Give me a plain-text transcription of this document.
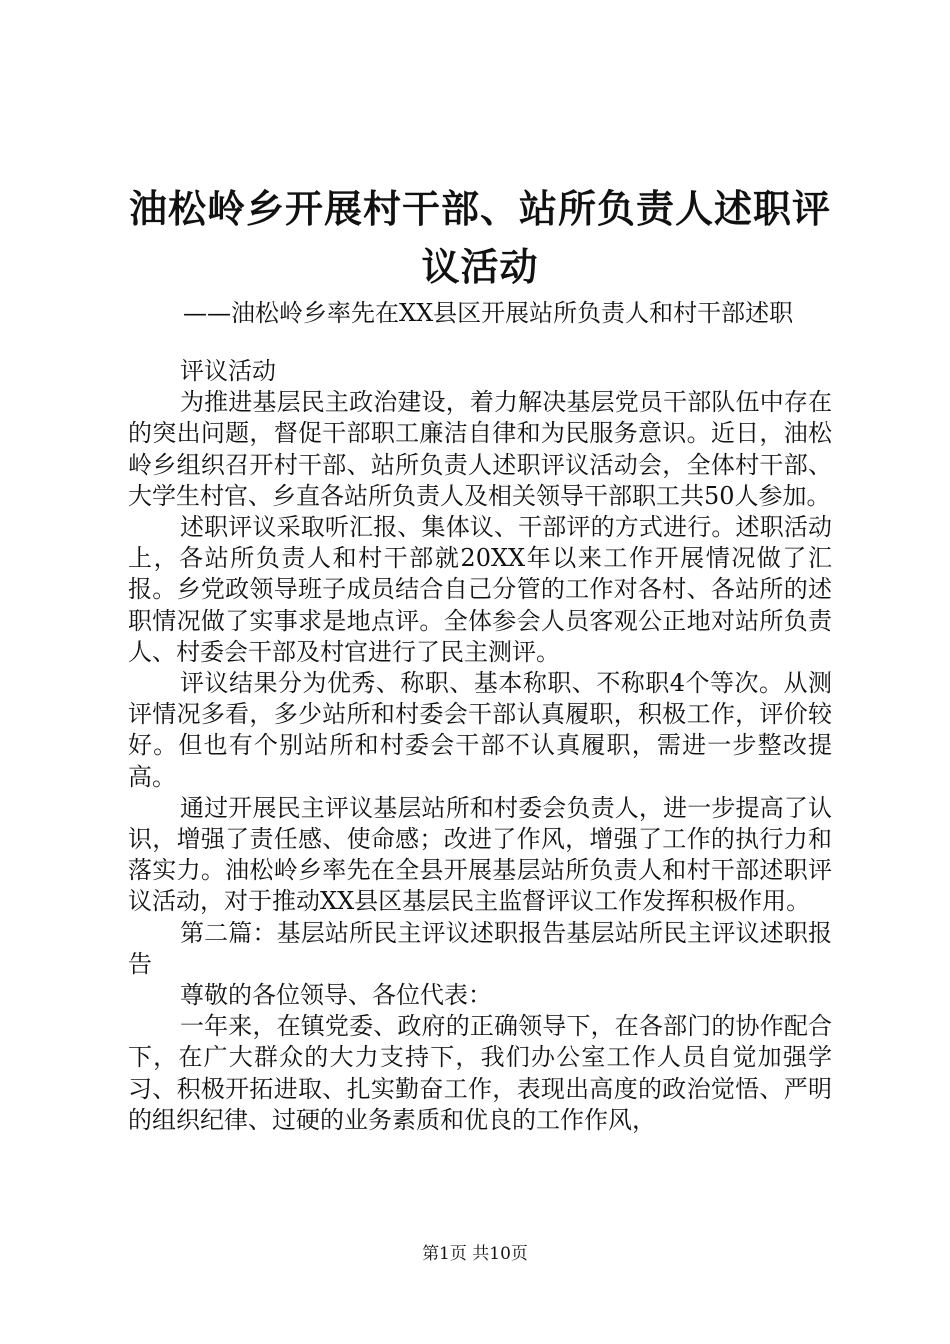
油松岭乡开展村干部、站所负责人述职评议活动
——油松岭乡率先在XX县区开展站所负责人和村干部述职

评议活动

为推进基层民主政治建设，着力解决基层党员干部队伍中存在的突出问题，督促干部职工廉洁自律和为民服务意识。近日，油松岭乡组织召开村干部、站所负责人述职评议活动会，全体村干部、大学生村官、乡直各站所负责人及相关领导干部职工共50人参加。

述职评议采取听汇报、集体议、干部评的方式进行。述职活动上，各站所负责人和村干部就20XX年以来工作开展情况做了汇报。乡党政领导班子成员结合自己分管的工作对各村、各站所的述职情况做了实事求是地点评。全体参会人员客观公正地对站所负责人、村委会干部及村官进行了民主测评。

评议结果分为优秀、称职、基本称职、不称职4个等次。从测评情况多看，多少站所和村委会干部认真履职，积极工作，评价较好。但也有个别站所和村委会干部不认真履职，需进一步整改提高。

通过开展民主评议基层站所和村委会负责人，进一步提高了认识，增强了责任感、使命感；改进了作风，增强了工作的执行力和落实力。油松岭乡率先在全县开展基层站所负责人和村干部述职评议活动，对于推动XX县区基层民主监督评议工作发挥积极作用。

第二篇：基层站所民主评议述职报告基层站所民主评议述职报告

尊敬的各位领导、各位代表：

一年来，在镇党委、政府的正确领导下，在各部门的协作配合下，在广大群众的大力支持下，我们办公室工作人员自觉加强学习、积极开拓进取、扎实勤奋工作，表现出高度的政治觉悟、严明的组织纪律、过硬的业务素质和优良的工作作风，

第1页 共10页
